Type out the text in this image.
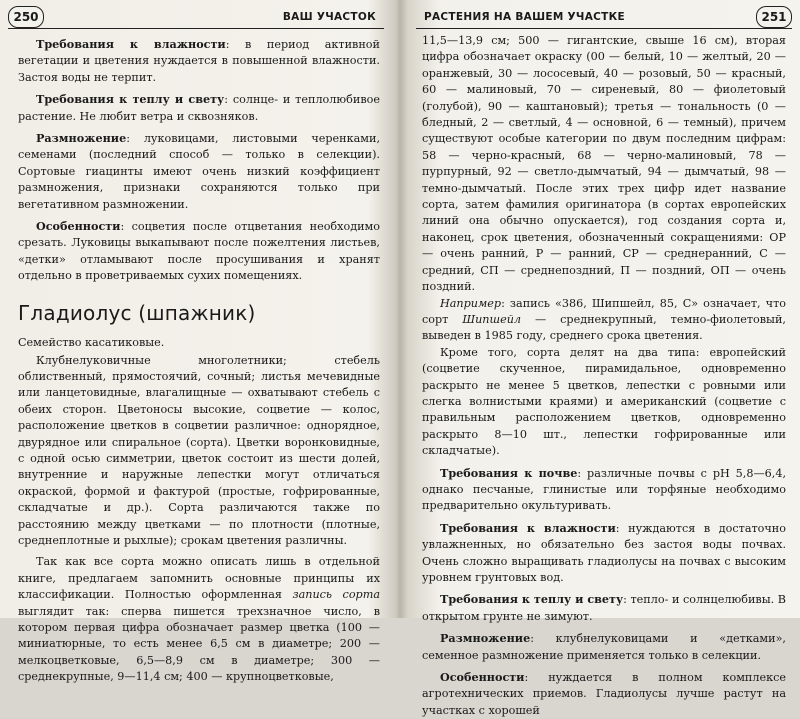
250	ВАШ УЧАСТОК

Требования к влажности: в период активной вегетации и цветения нуждается в повышенной влажности. Застоя воды не терпит.

Требования к теплу и свету: солнце- и теплолюбивое растение. Не любит ветра и сквозняков.

Размножение: луковицами, листовыми черенками, семенами (последний способ — только в селекции). Сортовые гиацинты имеют очень низкий коэффициент размножения, признаки сохраняются только при вегетативном размножении.

Особенности: соцветия после отцветания необходимо срезать. Луковицы выкапывают после пожелтения листьев, «детки» отламывают после просушивания и хранят отдельно в проветриваемых сухих помещениях.

Гладиолус (шпажник)

Семейство касатиковые.

Клубнелуковичные многолетники; стебель облиственный, прямостоячий, сочный; листья мечевидные или ланцетовидные, влагалищные — охватывают стебель с обеих сторон. Цветоносы высокие, соцветие — колос, расположение цветков в соцветии различное: однорядное, двурядное или спиральное (сорта). Цветки воронковидные, с одной осью симметрии, цветок состоит из шести долей, внутренние и наружные лепестки могут отличаться окраской, формой и фактурой (простые, гофрированные, складчатые и др.). Сорта различаются также по расстоянию между цветками — по плотности (плотные, среднеплотные и рыхлые); срокам цветения различны.

Так как все сорта можно описать лишь в отдельной книге, предлагаем запомнить основные принципы их классификации. Полностью оформленная запись сорта выглядит так: сперва пишется трехзначное число, в котором первая цифра обозначает размер цветка (100 — миниатюрные, то есть менее 6,5 см в диаметре; 200 — мелкоцветковые, 6,5—8,9 см в диаметре; 300 — среднекрупные, 9—11,4 см; 400 — крупноцветковые,

РАСТЕНИЯ НА ВАШЕМ УЧАСТКЕ	251

11,5—13,9 см; 500 — гигантские, свыше 16 см), вторая цифра обозначает окраску (00 — белый, 10 — желтый, 20 — оранжевый, 30 — лососевый, 40 — розовый, 50 — красный, 60 — малиновый, 70 — сиреневый, 80 — фиолетовый (голубой), 90 — каштановый); третья — тональность (0 — бледный, 2 — светлый, 4 — основной, 6 — темный), причем существуют особые категории по двум последним цифрам: 58 — черно-красный, 68 — черно-малиновый, 78 — пурпурный, 92 — светло-дымчатый, 94 — дымчатый, 98 — темно-дымчатый. После этих трех цифр идет название сорта, затем фамилия оригинатора (в сортах европейских линий она обычно опускается), год создания сорта и, наконец, срок цветения, обозначенный сокращениями: ОР — очень ранний, Р — ранний, СР — среднеранний, С — средний, СП — среднепоздний, П — поздний, ОП — очень поздний.

Например: запись «386, Шипшейл, 85, С» означает, что сорт Шипшейл — среднекрупный, темно-фиолетовый, выведен в 1985 году, среднего срока цветения.

Кроме того, сорта делят на два типа: европейский (соцветие скученное, пирамидальное, одновременно раскрыто не менее 5 цветков, лепестки с ровными или слегка волнистыми краями) и американский (соцветие с правильным расположением цветков, одновременно раскрыто 8—10 шт., лепестки гофрированные или складчатые).

Требования к почве: различные почвы с pH 5,8—6,4, однако песчаные, глинистые или торфяные необходимо предварительно окультуривать.

Требования к влажности: нуждаются в достаточно увлажненных, но обязательно без застоя воды почвах. Очень сложно выращивать гладиолусы на почвах с высоким уровнем грунтовых вод.

Требования к теплу и свету: тепло- и солнцелюбивы. В открытом грунте не зимуют.

Размножение: клубнелуковицами и «детками», семенное размножение применяется только в селекции.

Особенности: нуждается в полном комплексе агротехнических приемов. Гладиолусы лучше растут на участках с хорошей
